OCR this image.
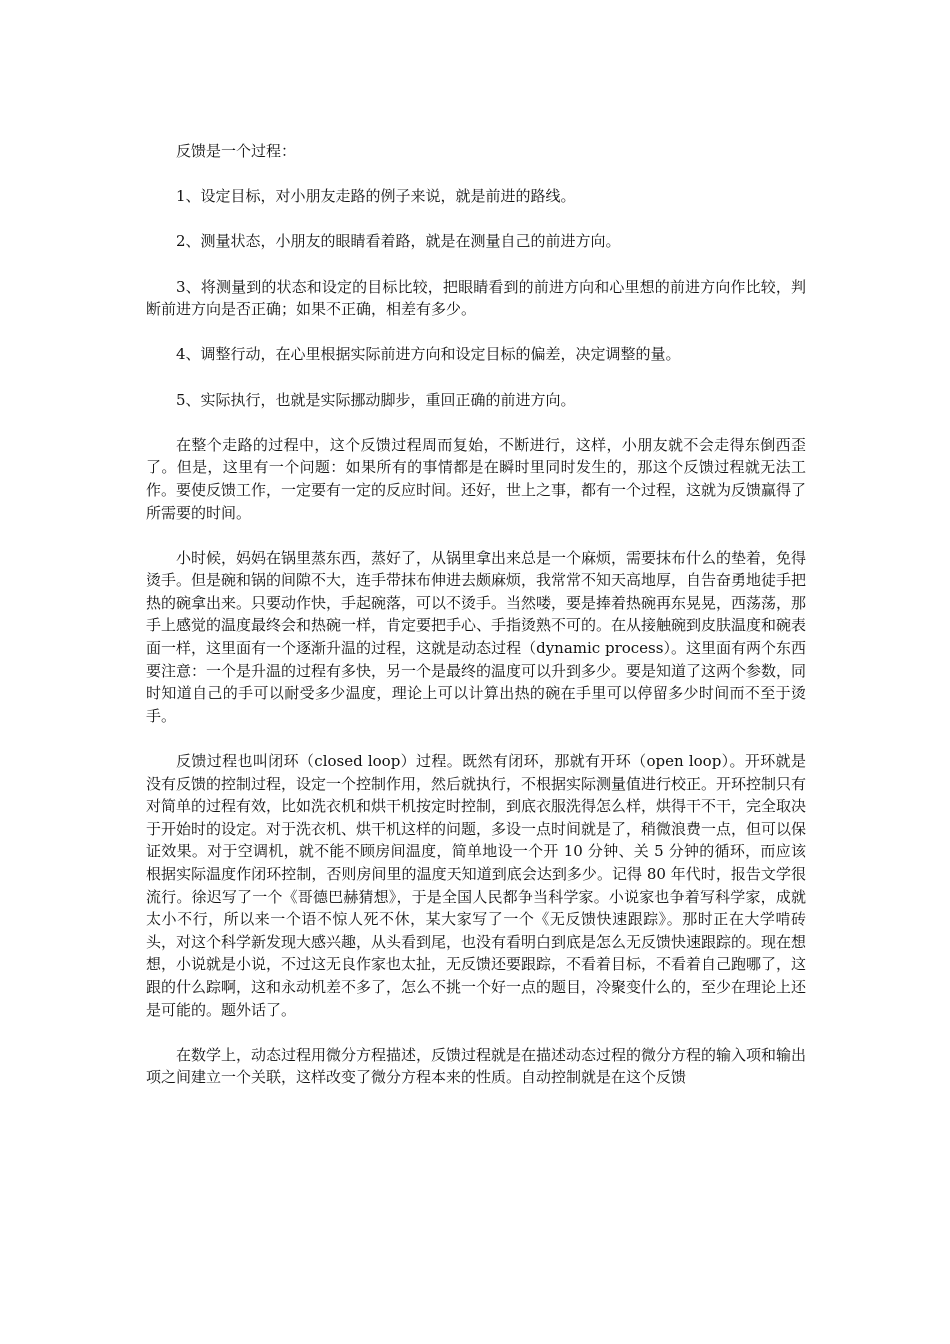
反馈是一个过程：

1、设定目标，对小朋友走路的例子来说，就是前进的路线。

2、测量状态，小朋友的眼睛看着路，就是在测量自己的前进方向。

3、将测量到的状态和设定的目标比较，把眼睛看到的前进方向和心里想的前进方向作比较，判断前进方向是否正确；如果不正确，相差有多少。

4、调整行动，在心里根据实际前进方向和设定目标的偏差，决定调整的量。

5、实际执行，也就是实际挪动脚步，重回正确的前进方向。

在整个走路的过程中，这个反馈过程周而复始，不断进行，这样，小朋友就不会走得东倒西歪了。但是，这里有一个问题：如果所有的事情都是在瞬时里同时发生的，那这个反馈过程就无法工作。要使反馈工作，一定要有一定的反应时间。还好，世上之事，都有一个过程，这就为反馈赢得了所需要的时间。

小时候，妈妈在锅里蒸东西，蒸好了，从锅里拿出来总是一个麻烦，需要抹布什么的垫着，免得烫手。但是碗和锅的间隙不大，连手带抹布伸进去颇麻烦，我常常不知天高地厚，自告奋勇地徒手把热的碗拿出来。只要动作快，手起碗落，可以不烫手。当然喽，要是捧着热碗再东晃晃，西荡荡，那手上感觉的温度最终会和热碗一样，肯定要把手心、手指烫熟不可的。在从接触碗到皮肤温度和碗表面一样，这里面有一个逐渐升温的过程，这就是动态过程（dynamic process）。这里面有两个东西要注意：一个是升温的过程有多快，另一个是最终的温度可以升到多少。要是知道了这两个参数，同时知道自己的手可以耐受多少温度，理论上可以计算出热的碗在手里可以停留多少时间而不至于烫手。

反馈过程也叫闭环（closed loop）过程。既然有闭环，那就有开环（open loop）。开环就是没有反馈的控制过程，设定一个控制作用，然后就执行，不根据实际测量值进行校正。开环控制只有对简单的过程有效，比如洗衣机和烘干机按定时控制，到底衣服洗得怎么样，烘得干不干，完全取决于开始时的设定。对于洗衣机、烘干机这样的问题，多设一点时间就是了，稍微浪费一点，但可以保证效果。对于空调机，就不能不顾房间温度，简单地设一个开 10 分钟、关 5 分钟的循环，而应该根据实际温度作闭环控制，否则房间里的温度天知道到底会达到多少。记得 80 年代时，报告文学很流行。徐迟写了一个《哥德巴赫猜想》，于是全国人民都争当科学家。小说家也争着写科学家，成就太小不行，所以来一个语不惊人死不休，某大家写了一个《无反馈快速跟踪》。那时正在大学啃砖头，对这个科学新发现大感兴趣，从头看到尾，也没有看明白到底是怎么无反馈快速跟踪的。现在想想，小说就是小说，不过这无良作家也太扯，无反馈还要跟踪，不看着目标，不看着自己跑哪了，这跟的什么踪啊，这和永动机差不多了，怎么不挑一个好一点的题目，冷聚变什么的，至少在理论上还是可能的。题外话了。

在数学上，动态过程用微分方程描述，反馈过程就是在描述动态过程的微分方程的输入项和输出项之间建立一个关联，这样改变了微分方程本来的性质。自动控制就是在这个反馈
